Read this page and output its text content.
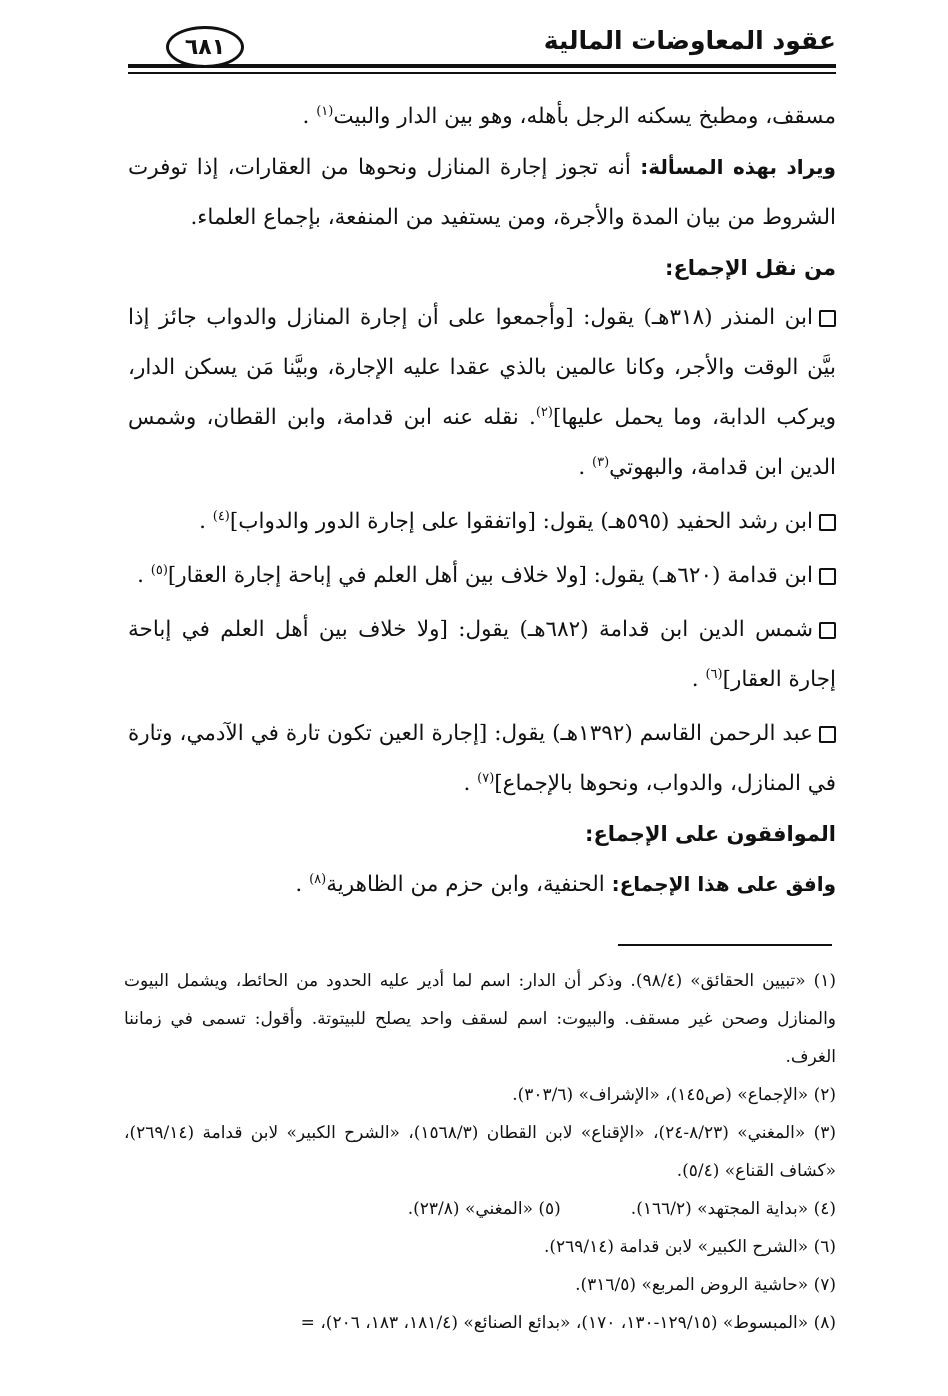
عقود المعاوضات المالية
٦٨١

مسقف، ومطبخ يسكنه الرجل بأهله، وهو بين الدار والبيت$^{(١)}$ .

ويراد بهذه المسألة: أنه تجوز إجارة المنازل ونحوها من العقارات، إذا توفرت الشروط من بيان المدة والأجرة، ومن يستفيد من المنفعة، بإجماع العلماء.

من نقل الإجماع:

ابن المنذر (٣١٨هـ) يقول: [وأجمعوا على أن إجارة المنازل والدواب جائز إذا بيَّن الوقت والأجر، وكانا عالمين بالذي عقدا عليه الإجارة، وبيَّنا مَن يسكن الدار، ويركب الدابة، وما يحمل عليها]$^{(٢)}$. نقله عنه ابن قدامة، وابن القطان، وشمس الدين ابن قدامة، والبهوتي$^{(٣)}$ .

ابن رشد الحفيد (٥٩٥هـ) يقول: [واتفقوا على إجارة الدور والدواب]$^{(٤)}$ .

ابن قدامة (٦٢٠هـ) يقول: [ولا خلاف بين أهل العلم في إباحة إجارة العقار]$^{(٥)}$ .

شمس الدين ابن قدامة (٦٨٢هـ) يقول: [ولا خلاف بين أهل العلم في إباحة إجارة العقار]$^{(٦)}$ .

عبد الرحمن القاسم (١٣٩٢هـ) يقول: [إجارة العين تكون تارة في الآدمي، وتارة في المنازل، والدواب، ونحوها بالإجماع]$^{(٧)}$ .

الموافقون على الإجماع:

وافق على هذا الإجماع: الحنفية، وابن حزم من الظاهرية$^{(٨)}$ .

(١) «تبيين الحقائق» (٩٨/٤). وذكر أن الدار: اسم لما أدير عليه الحدود من الحائط، ويشمل البيوت والمنازل وصحن غير مسقف. والبيوت: اسم لسقف واحد يصلح للبيتوتة. وأقول: تسمى في زماننا الغرف.

(٢) «الإجماع» (ص١٤٥)، «الإشراف» (٣٠٣/٦).

(٣) «المغني» (٨/٢٣-٢٤)، «الإقناع» لابن القطان (١٥٦٨/٣)، «الشرح الكبير» لابن قدامة (٢٦٩/١٤)، «كشاف القناع» (٥/٤).

(٤) «بداية المجتهد» (١٦٦/٢).

(٥) «المغني» (٢٣/٨).

(٦) «الشرح الكبير» لابن قدامة (٢٦٩/١٤).

(٧) «حاشية الروض المربع» (٣١٦/٥).

(٨) «المبسوط» (١٢٩/١٥-١٣٠، ١٧٠)، «بدائع الصنائع» (١٨١/٤، ١٨٣، ٢٠٦)، =
